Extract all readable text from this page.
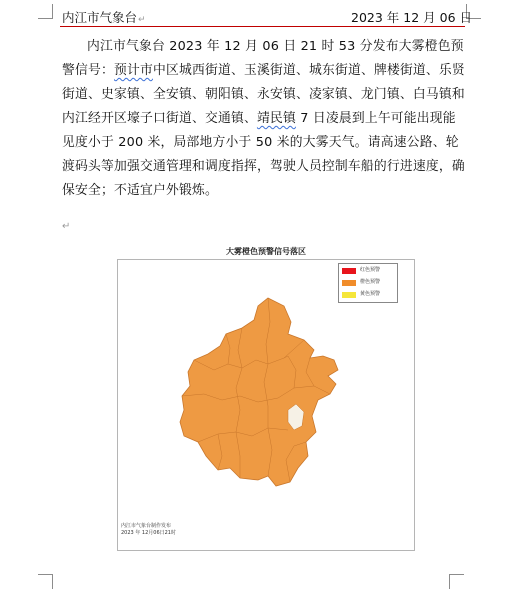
内江市气象台↵	2023 年 12 月 06 日

内江市气象台 2023 年 12 月 06 日 21 时 53 分发布大雾橙色预警信号：预计市中区城西街道、玉溪街道、城东街道、牌楼街道、乐贤街道、史家镇、全安镇、朝阳镇、永安镇、凌家镇、龙门镇、白马镇和内江经开区壕子口街道、交通镇、靖民镇 7 日凌晨到上午可能出现能见度小于 200 米，局部地方小于 50 米的大雾天气。请高速公路、轮渡码头等加强交通管理和调度指挥，驾驶人员控制车船的行进速度，确保安全；不适宜户外锻炼。

↵
大雾橙色预警信号落区
红色预警
橙色预警
黄色预警
内江市气象台制作发布
2023 年 12月06日21时
